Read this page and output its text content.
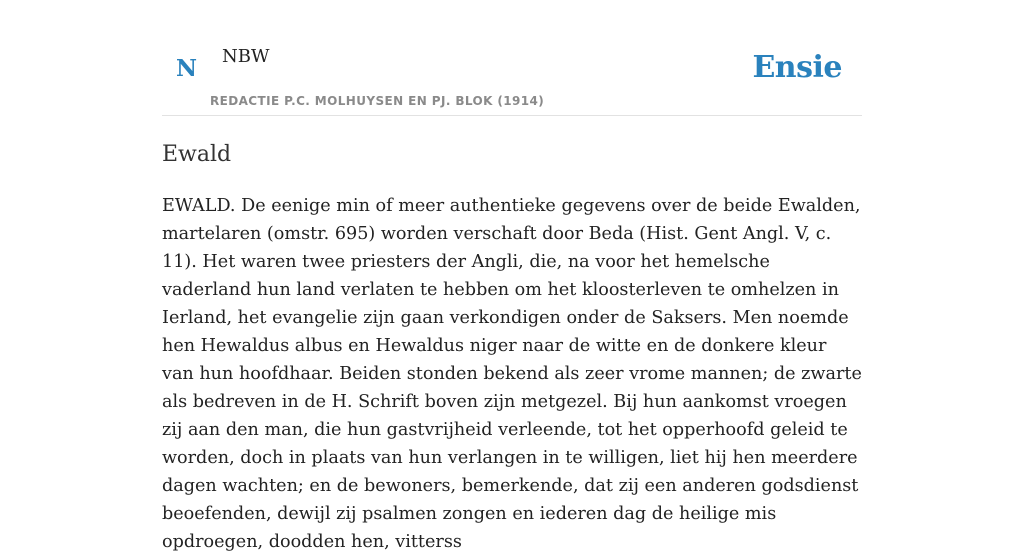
N NBW
REDACTIE P.C. MOLHUYSEN EN PJ. BLOK (1914)
Ensie
Ewald

EWALD. De eenige min of meer authentieke gegevens over de beide Ewalden, martelaren (omstr. 695) worden verschaft door Beda (Hist. Gent Angl. V, c. 11). Het waren twee priesters der Angli, die, na voor het hemelsche vaderland hun land verlaten te hebben om het kloosterleven te omhelzen in Ierland, het evangelie zijn gaan verkondigen onder de Saksers. Men noemde hen Hewaldus albus en Hewaldus niger naar de witte en de donkere kleur van hun hoofdhaar. Beiden stonden bekend als zeer vrome mannen; de zwarte als bedreven in de H. Schrift boven zijn metgezel. Bij hun aankomst vroegen zij aan den man, die hun gastvrijheid verleende, tot het opperhoofd geleid te worden, doch in plaats van hun verlangen in te willigen, liet hij hen meerdere dagen wachten; en de bewoners, bemerkende, dat zij een anderen godsdienst beoefenden, dewijl zij psalmen zongen en iederen dag de heilige mis opdroegen, doodden hen, vitterss
